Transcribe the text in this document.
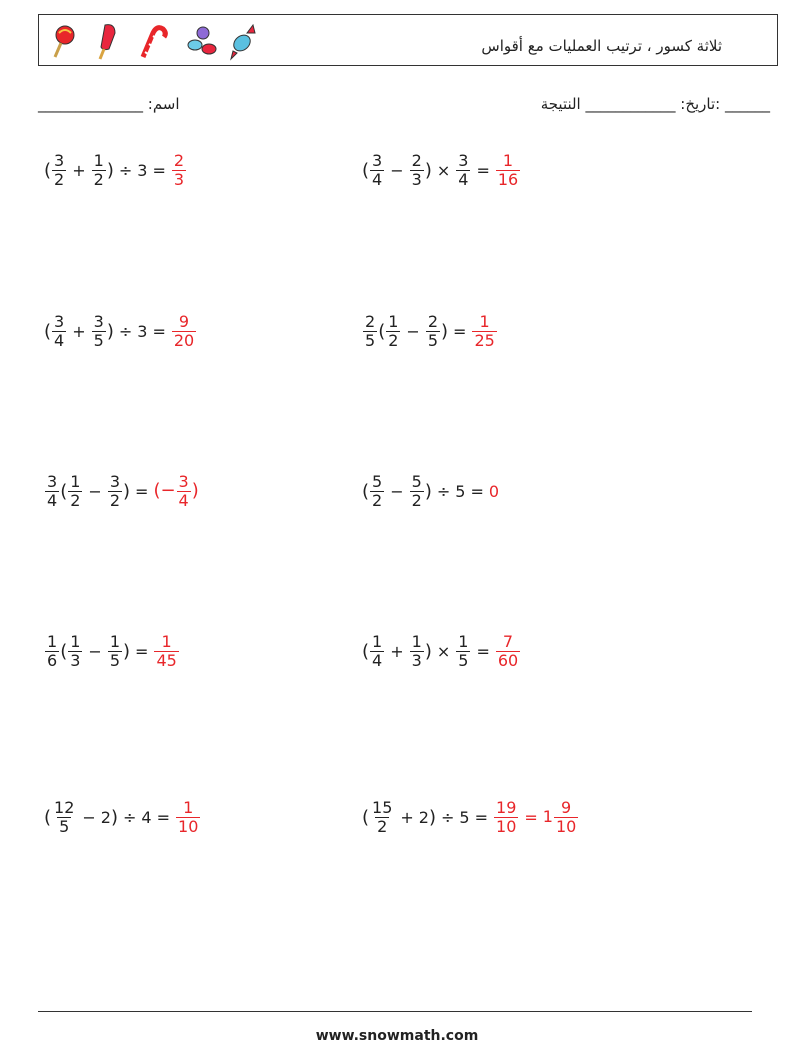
ثلاثة كسور ، ترتيب العمليات مع أقواس
اسم: ______________	______ :تاريخ: ____________ النتيجة
( $\frac{3}{2} + \frac{1}{2}$ ) ÷ $3 = \frac{2}{3}$	( $\frac{3}{4} - \frac{2}{3}$ ) × $\frac{3}{4} = \frac{1}{16}$
( $\frac{3}{4} + \frac{3}{5}$ ) ÷ $3 = \frac{9}{20}$	$\frac{2}{5}$ ( $\frac{1}{2} - \frac{2}{5}$ ) = $\frac{1}{25}$
$\frac{3}{4}$ ( $\frac{1}{2} - \frac{3}{2}$ ) = (− $\frac{3}{4}$ )	( $\frac{5}{2} - \frac{5}{2}$ ) ÷ 5 = 0
$\frac{1}{6}$ ( $\frac{1}{3} - \frac{1}{5}$ ) = $\frac{1}{45}$	( $\frac{1}{4} + \frac{1}{3}$ ) × $\frac{1}{5} = \frac{7}{60}$
( $\frac{12}{5} - 2$ ) ÷ $4 = \frac{1}{10}$	( $\frac{15}{2} + 2$ ) ÷ $5 = \frac{19}{10} = 1 \frac{9}{10}$
www.snowmath.com
